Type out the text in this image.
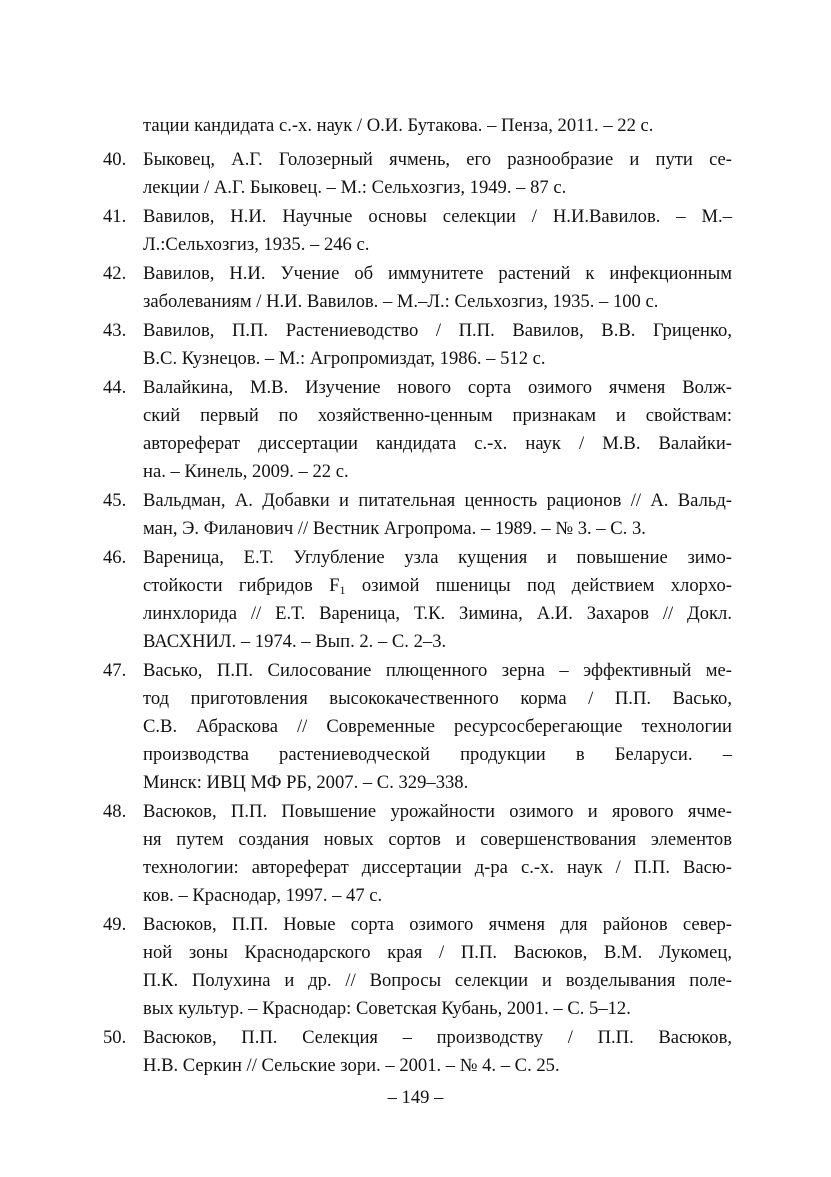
тации кандидата с.-х. наук / О.И. Бутакова. – Пенза, 2011. – 22 с.
40. Быковец, А.Г. Голозерный ячмень, его разнообразие и пути се-
лекции / А.Г. Быковец. – М.: Сельхозгиз, 1949. – 87 с.
41. Вавилов, Н.И. Научные основы селекции / Н.И.Вавилов. – М.–
Л.:Сельхозгиз, 1935. – 246 с.
42. Вавилов, Н.И. Учение об иммунитете растений к инфекционным
заболеваниям / Н.И. Вавилов. – М.–Л.: Сельхозгиз, 1935. – 100 с.
43. Вавилов, П.П. Растениеводство / П.П. Вавилов, В.В. Гриценко,
В.С. Кузнецов. – М.: Агропромиздат, 1986. – 512 с.
44. Валайкина, М.В. Изучение нового сорта озимого ячменя Волж-
ский первый по хозяйственно-ценным признакам и свойствам:
автореферат диссертации кандидата с.-х. наук / М.В. Валайки-
на. – Кинель, 2009. – 22 с.
45. Вальдман, А. Добавки и питательная ценность рационов // А. Вальд-
ман, Э. Филанович // Вестник Агропрома. – 1989. – № 3. – С. 3.
46. Вареница, Е.Т. Углубление узла кущения и повышение зимо-
стойкости гибридов $F_1$ озимой пшеницы под действием хлорхо-
линхлорида // Е.Т. Вареница, Т.К. Зимина, А.И. Захаров // Докл.
ВАСХНИЛ. – 1974. – Вып. 2. – С. 2–3.
47. Васько, П.П. Силосование плющенного зерна – эффективный ме-
тод приготовления высококачественного корма / П.П. Васько,
С.В. Абраскова // Современные ресурсосберегающие технологии
производства растениеводческой продукции в Беларуси. –
Минск: ИВЦ МФ РБ, 2007. – С. 329–338.
48. Васюков, П.П. Повышение урожайности озимого и ярового ячме-
ня путем создания новых сортов и совершенствования элементов
технологии: автореферат диссертации д-ра с.-х. наук / П.П. Васю-
ков. – Краснодар, 1997. – 47 с.
49. Васюков, П.П. Новые сорта озимого ячменя для районов север-
ной зоны Краснодарского края / П.П. Васюков, В.М. Лукомец,
П.К. Полухина и др. // Вопросы селекции и возделывания поле-
вых культур. – Краснодар: Советская Кубань, 2001. – С. 5–12.
50. Васюков, П.П. Селекция – производству / П.П. Васюков,
Н.В. Серкин // Сельские зори. – 2001. – № 4. – С. 25.
– 149 –
